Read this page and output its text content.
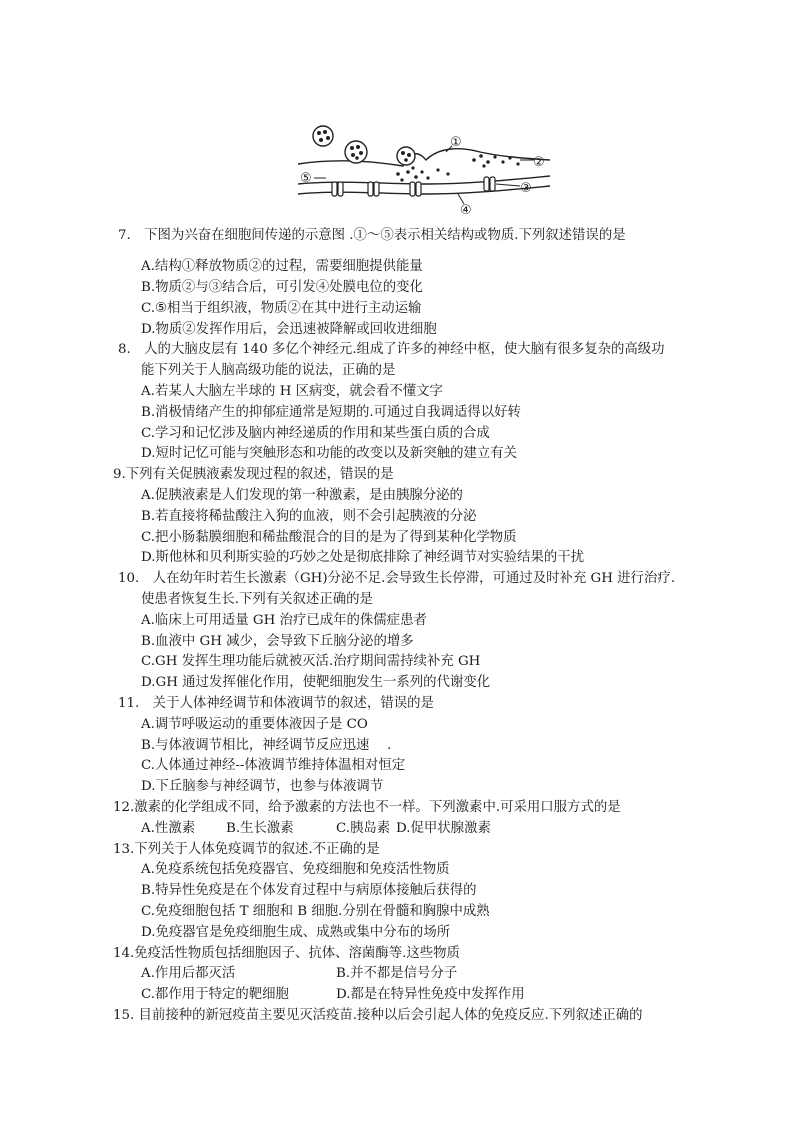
①
②
③
④
⑤
7.　下图为兴奋在细胞间传递的示意图 .①～⑤表示相关结构或物质.下列叙述错误的是
A.结构①释放物质②的过程，需要细胞提供能量
B.物质②与③结合后，可引发④处膜电位的变化
C.⑤相当于组织液，物质②在其中进行主动运输
D.物质②发挥作用后，会迅速被降解或回收进细胞
8.　人的大脑皮层有 140 多亿个神经元.组成了许多的神经中枢，使大脑有很多复杂的高级功
能下列关于人脑高级功能的说法，正确的是
A.若某人大脑左半球的 H 区病变，就会看不懂文字
B.消极情绪产生的抑郁症通常是短期的.可通过自我调适得以好转
C.学习和记忆涉及脑内神经递质的作用和某些蛋白质的合成
D.短时记忆可能与突触形态和功能的改变以及新突触的建立有关
9.下列有关促胰液素发现过程的叙述，错误的是
A.促胰液素是人们发现的第一种激素，是由胰腺分泌的
B.若直接将稀盐酸注入狗的血液，则不会引起胰液的分泌
C.把小肠黏膜细胞和稀盐酸混合的目的是为了得到某种化学物质
D.斯他林和贝利斯实验的巧妙之处是彻底排除了神经调节对实验结果的干扰
10.　人在幼年时若生长激素（GH)分泌不足.会导致生长停滞，可通过及时补充 GH 进行治疗.
使患者恢复生长.下列有关叙述正确的是
A.临床上可用适量 GH 治疗已成年的侏儒症患者
B.血液中 GH 减少，会导致下丘脑分泌的增多
C.GH 发挥生理功能后就被灭活.治疗期间需持续补充 GH
D.GH 通过发挥催化作用，使靶细胞发生一系列的代谢变化
11.　关于人体神经调节和体液调节的叙述，错误的是
A.调节呼吸运动的重要体液因子是 CO
B.与体液调节相比，神经调节反应迅速　 .
C.人体通过神经--体液调节维持体温相对恒定
D.下丘脑参与神经调节，也参与体液调节
12.激素的化学组成不同，给予激素的方法也不一样。下列激素中.可采用口服方式的是
A.性激素 B.生长激素	C.胰岛素 D.促甲状腺激素
13.下列关于人体免疫调节的叙述.不正确的是
A.免疫系统包括免疫器官、免疫细胞和免疫活性物质
B.特异性免疫是在个体发育过程中与病原体接触后获得的
C.免疫细胞包括 T 细胞和 B 细胞.分别在骨髓和胸腺中成熟
D.免疫器官是免疫细胞生成、成熟或集中分布的场所
14.免疫活性物质包括细胞因子、抗体、溶菌酶等.这些物质
A.作用后都灭活	B.并不都是信号分子
C.都作用于特定的靶细胞	D.都是在特异性免疫中发挥作用
15. 目前接种的新冠疫苗主要见灭活疫苗.接种以后会引起人体的免疫反应.下列叙述正确的
